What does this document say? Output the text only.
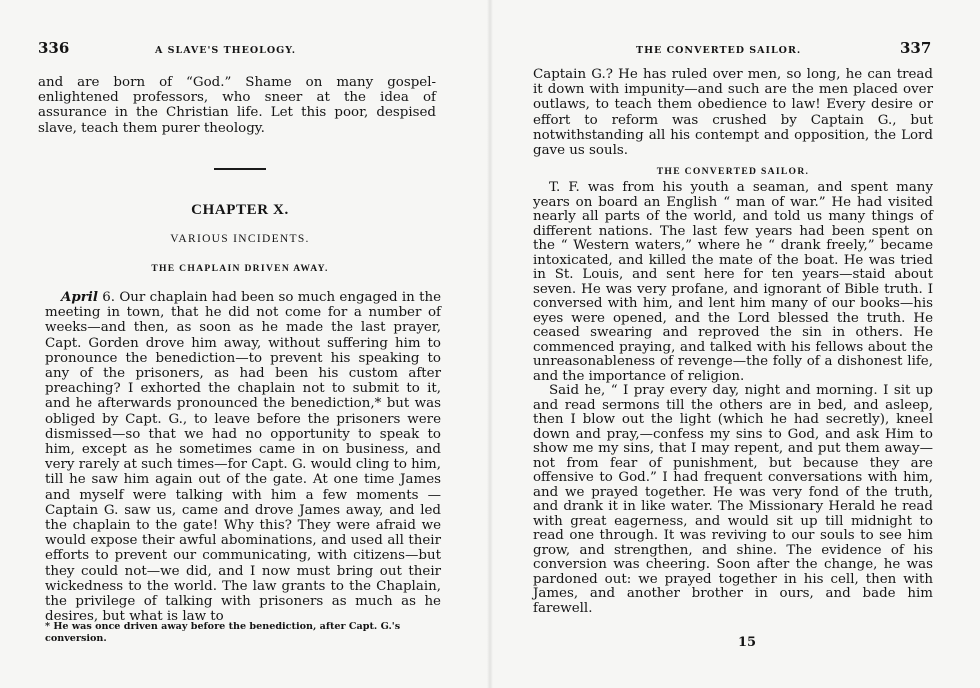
336	A SLAVE'S THEOLOGY.

and are born of “God.” Shame on many gospel-enlightened professors, who sneer at the idea of assurance in the Christian life. Let this poor, despised slave, teach them purer theology.

CHAPTER X.
VARIOUS INCIDENTS.
THE CHAPLAIN DRIVEN AWAY.

April 6. Our chaplain had been so much engaged in the meeting in town, that he did not come for a number of weeks—and then, as soon as he made the last prayer, Capt. Gorden drove him away, without suffering him to pronounce the benediction—to prevent his speaking to any of the prisoners, as had been his custom after preaching? I exhorted the chaplain not to submit to it, and he afterwards pronounced the benediction,* but was obliged by Capt. G., to leave before the prisoners were dismissed—so that we had no opportunity to speak to him, except as he sometimes came in on business, and very rarely at such times—for Capt. G. would cling to him, till he saw him again out of the gate. At one time James and myself were talking with him a few moments —Captain G. saw us, came and drove James away, and led the chaplain to the gate! Why this? They were afraid we would expose their awful abominations, and used all their efforts to prevent our communicating, with citizens—but they could not—we did, and I now must bring out their wickedness to the world. The law grants to the Chaplain, the privilege of talking with prisoners as much as he desires, but what is law to

* He was once driven away before the benediction, after Capt. G.'s conversion.
THE CONVERTED SAILOR.	337

Captain G.? He has ruled over men, so long, he can tread it down with impunity—and such are the men placed over outlaws, to teach them obedience to law! Every desire or effort to reform was crushed by Captain G., but notwithstanding all his contempt and opposition, the Lord gave us souls.

THE CONVERTED SAILOR.

T. F. was from his youth a seaman, and spent many years on board an English “ man of war.” He had visited nearly all parts of the world, and told us many things of different nations. The last few years had been spent on the “ Western waters,” where he “ drank freely,” became intoxicated, and killed the mate of the boat. He was tried in St. Louis, and sent here for ten years—staid about seven. He was very profane, and ignorant of Bible truth. I conversed with him, and lent him many of our books—his eyes were opened, and the Lord blessed the truth. He ceased swearing and reproved the sin in others. He commenced praying, and talked with his fellows about the unreasonableness of revenge—the folly of a dishonest life, and the importance of religion.

Said he, “ I pray every day, night and morning. I sit up and read sermons till the others are in bed, and asleep, then I blow out the light (which he had secretly), kneel down and pray,—confess my sins to God, and ask Him to show me my sins, that I may repent, and put them away—not from fear of punishment, but because they are offensive to God.” I had frequent conversations with him, and we prayed together. He was very fond of the truth, and drank it in like water. The Missionary Herald he read with great eagerness, and would sit up till midnight to read one through. It was reviving to our souls to see him grow, and strengthen, and shine. The evidence of his conversion was cheering. Soon after the change, he was pardoned out: we prayed together in his cell, then with James, and another brother in ours, and bade him farewell.

15
